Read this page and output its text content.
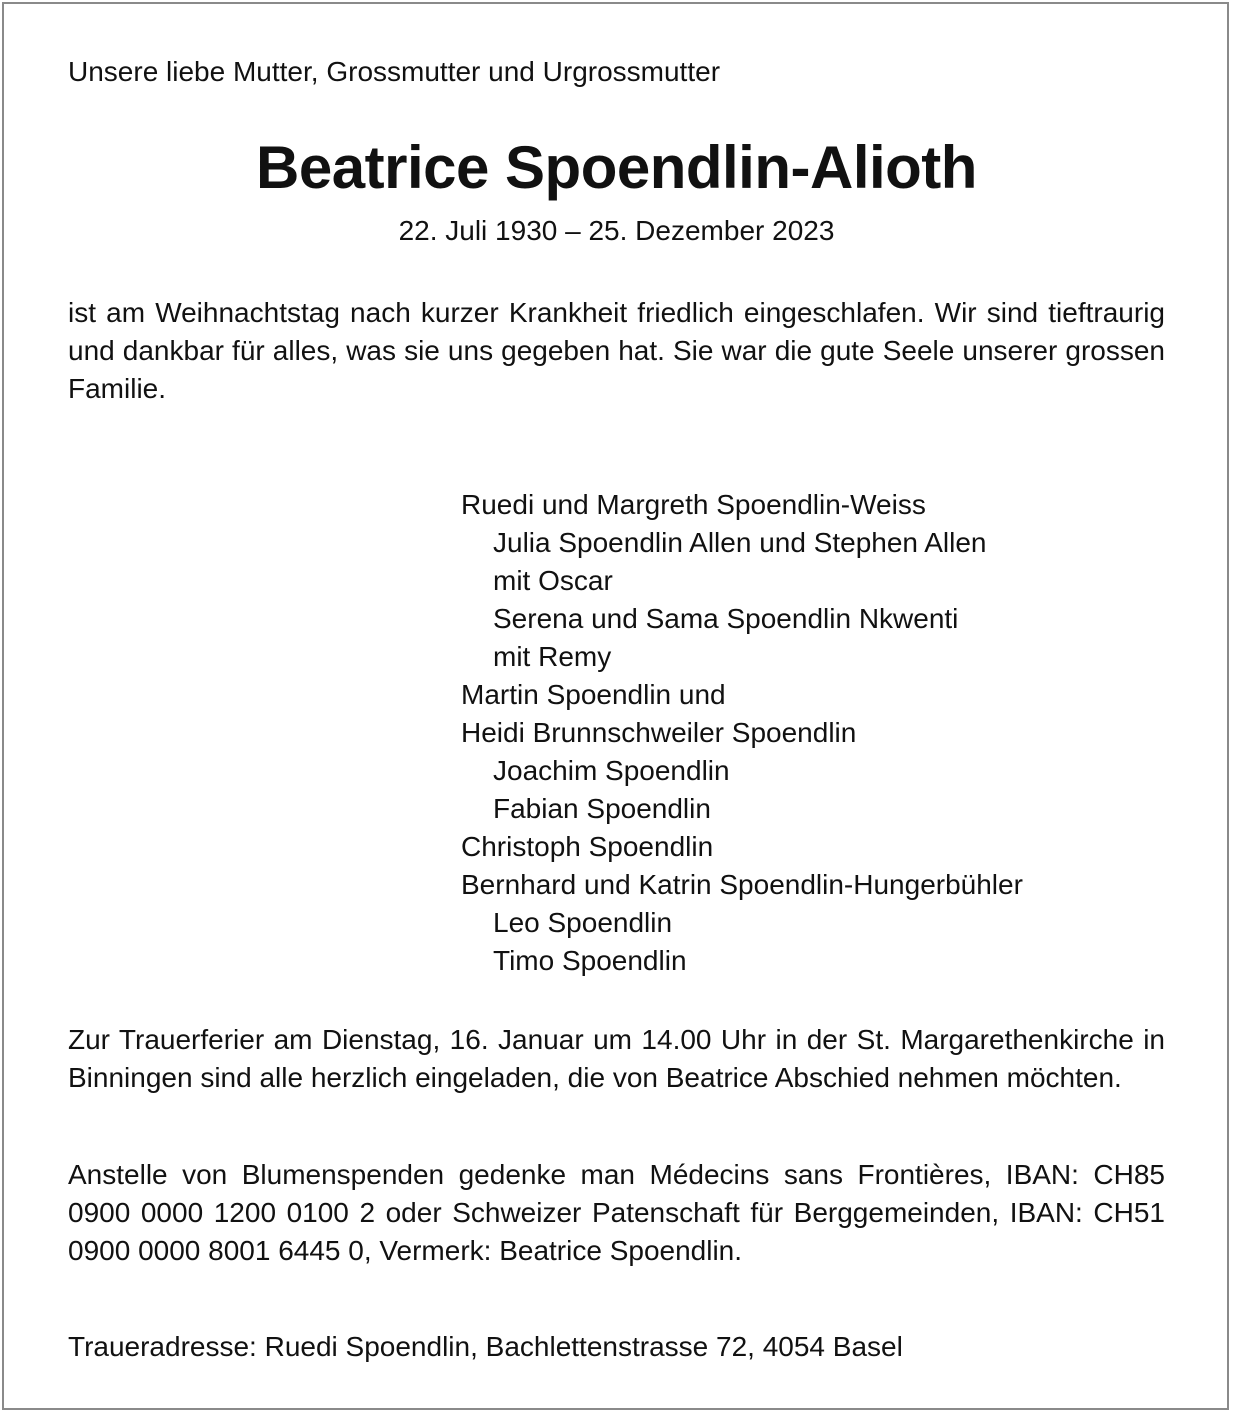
Unsere liebe Mutter, Grossmutter und Urgrossmutter
Beatrice Spoendlin-Alioth
22. Juli 1930 – 25. Dezember 2023

ist am Weihnachtstag nach kurzer Krankheit friedlich eingeschlafen. Wir sind tieftraurig und dankbar für alles, was sie uns gegeben hat. Sie war die gute Seele unserer grossen Familie.

Ruedi und Margreth Spoendlin-Weiss
Julia Spoendlin Allen und Stephen Allen
mit Oscar
Serena und Sama Spoendlin Nkwenti
mit Remy
Martin Spoendlin und
Heidi Brunnschweiler Spoendlin
Joachim Spoendlin
Fabian Spoendlin
Christoph Spoendlin
Bernhard und Katrin Spoendlin-Hungerbühler
Leo Spoendlin
Timo Spoendlin

Zur Trauerferier am Dienstag, 16. Januar um 14.00 Uhr in der St. Margarethenkirche in Binningen sind alle herzlich eingeladen, die von Beatrice Abschied nehmen möchten.

Anstelle von Blumenspenden gedenke man Médecins sans Frontières, IBAN: CH85 0900 0000 1200 0100 2 oder Schweizer Patenschaft für Berggemeinden, IBAN: CH51 0900 0000 8001 6445 0, Vermerk: Beatrice Spoendlin.

Traueradresse: Ruedi Spoendlin, Bachlettenstrasse 72, 4054 Basel
